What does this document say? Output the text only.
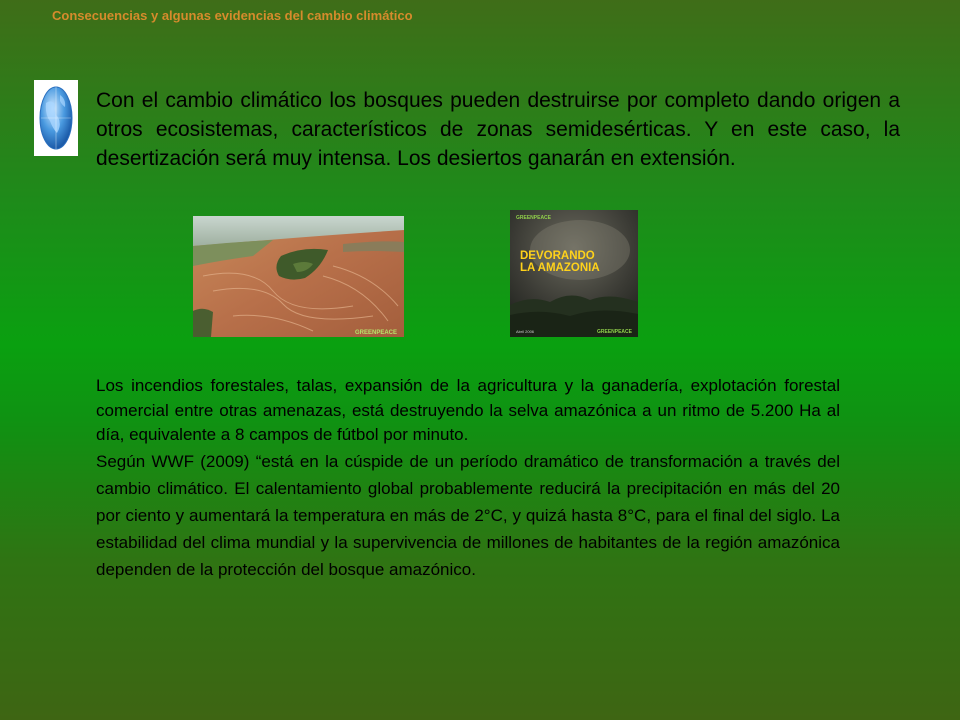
Consecuencias y algunas evidencias del cambio climático
Con el cambio climático los bosques pueden destruirse por completo dando origen a otros ecosistemas, característicos de zonas semidesérticas. Y en este caso, la desertización será muy intensa. Los desiertos ganarán en extensión.
GREENPEACE
GREENPEACE
DEVORANDO
LA AMAZONIA
Abril 2006	GREENPEACE

Los incendios forestales, talas, expansión de la agricultura y la ganadería, explotación forestal comercial entre otras amenazas, está destruyendo la selva amazónica a un ritmo de 5.200 Ha al día, equivalente a 8 campos de fútbol por minuto.

Según WWF (2009) “está en la cúspide de un período dramático de transformación a través del cambio climático. El calentamiento global probablemente reducirá la precipitación en más del 20 por ciento y aumentará la temperatura en más de 2°C, y quizá hasta 8°C, para el final del siglo. La estabilidad del clima mundial y la supervivencia de millones de habitantes de la región amazónica dependen de la protección del bosque amazónico.
